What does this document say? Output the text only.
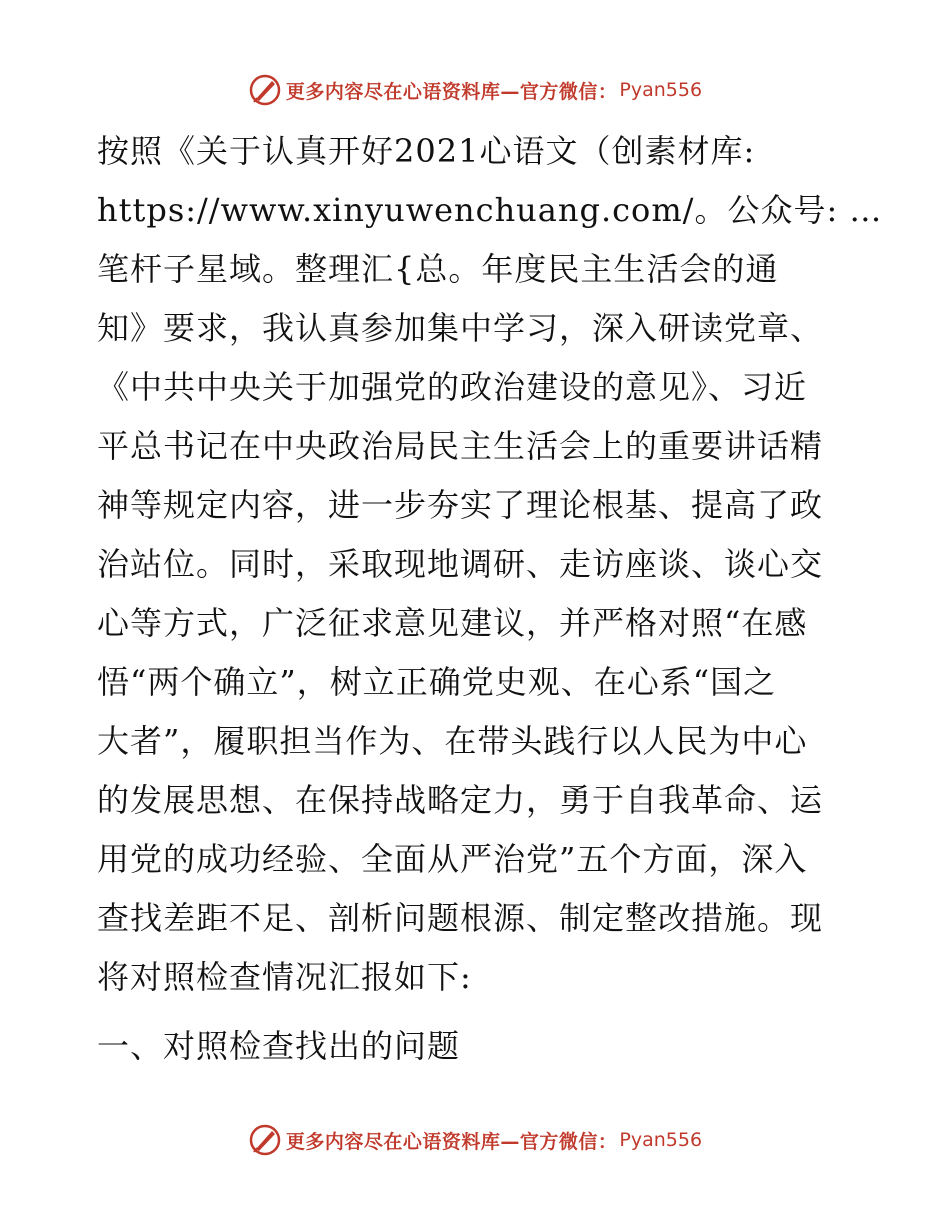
更多内容尽在心语资料库—官方微信： Pyan556

按照《关于认真开好2021心语文（创素材库:
https://www.xinyuwenchuang.com/。公众号: …
笔杆子星域。整理汇{总。年度民主生活会的通
知》要求，我认真参加集中学习，深入研读党章、
《中共中央关于加强党的政治建设的意见》、习近
平总书记在中央政治局民主生活会上的重要讲话精
神等规定内容，进一步夯实了理论根基、提高了政
治站位。同时，采取现地调研、走访座谈、谈心交
心等方式，广泛征求意见建议，并严格对照“在感
悟“两个确立”，树立正确党史观、在心系“国之
大者”，履职担当作为、在带头践行以人民为中心
的发展思想、在保持战略定力，勇于自我革命、运
用党的成功经验、全面从严治党”五个方面，深入
查找差距不足、剖析问题根源、制定整改措施。现
将对照检查情况汇报如下:

一、对照检查找出的问题
更多内容尽在心语资料库—官方微信： Pyan556
